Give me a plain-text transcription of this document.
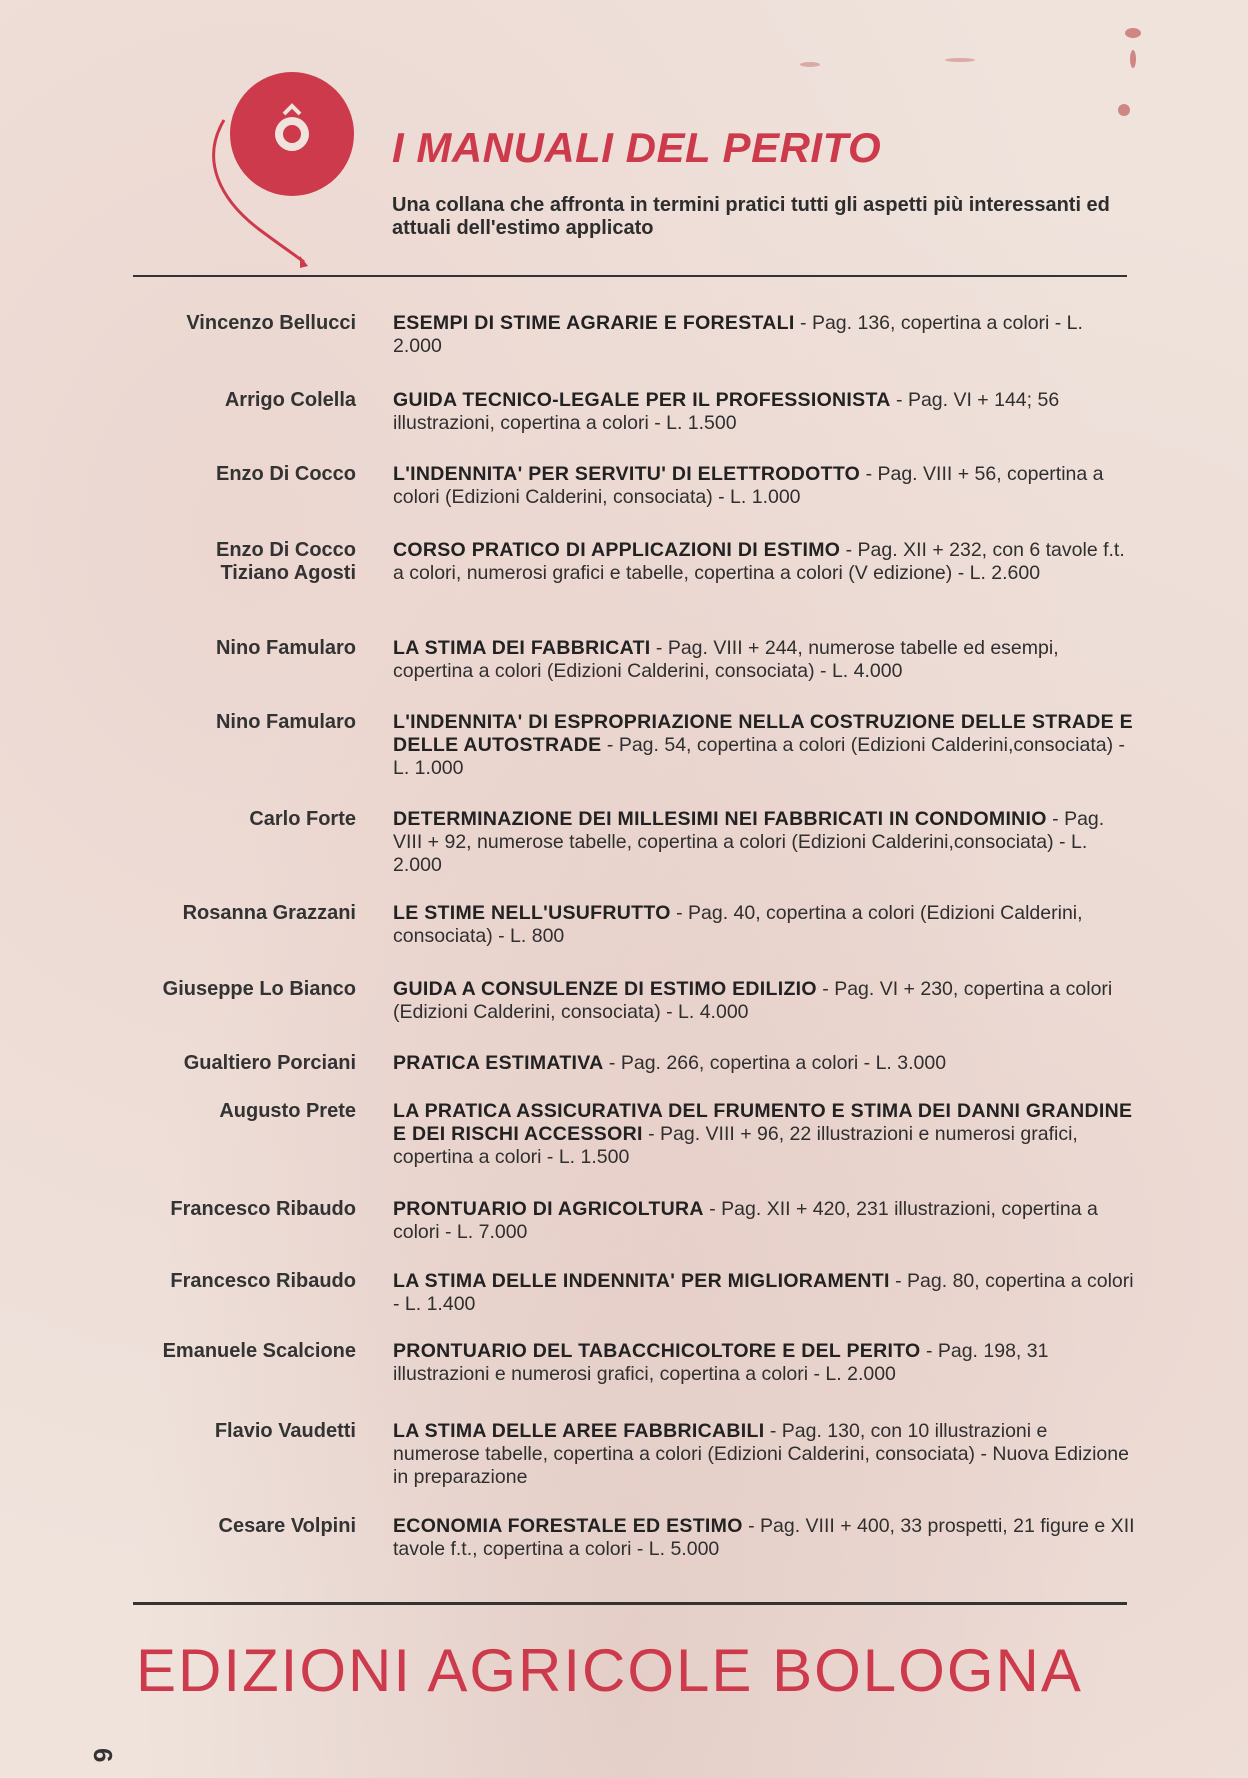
I MANUALI DEL PERITO

Una collana che affronta in termini pratici tutti gli aspetti più interessanti ed attuali dell'estimo applicato

Vincenzo Bellucci ESEMPI DI STIME AGRARIE E FORESTALI - Pag. 136, copertina a colori - L. 2.000
Arrigo Colella GUIDA TECNICO-LEGALE PER IL PROFESSIONISTA - Pag. VI + 144; 56 illustrazioni, copertina a colori - L. 1.500
Enzo Di Cocco L'INDENNITA' PER SERVITU' DI ELETTRODOTTO - Pag. VIII + 56, copertina a colori (Edizioni Calderini, consociata) - L. 1.000
Enzo Di Cocco
Tiziano Agosti
CORSO PRATICO DI APPLICAZIONI DI ESTIMO - Pag. XII + 232, con 6 tavole f.t. a colori, numerosi grafici e tabelle, copertina a colori (V edizione) - L. 2.600
Nino Famularo LA STIMA DEI FABBRICATI - Pag. VIII + 244, numerose tabelle ed esempi, copertina a colori (Edizioni Calderini, consociata) - L. 4.000
Nino Famularo L'INDENNITA' DI ESPROPRIAZIONE NELLA COSTRUZIONE DELLE STRADE E DELLE AUTOSTRADE - Pag. 54, copertina a colori (Edizioni Calderini,consociata) - L. 1.000
Carlo Forte DETERMINAZIONE DEI MILLESIMI NEI FABBRICATI IN CONDOMINIO - Pag. VIII + 92, numerose tabelle, copertina a colori (Edizioni Calderini,consociata) - L. 2.000
Rosanna Grazzani LE STIME NELL'USUFRUTTO - Pag. 40, copertina a colori (Edizioni Calderini, consociata) - L. 800
Giuseppe Lo Bianco GUIDA A CONSULENZE DI ESTIMO EDILIZIO - Pag. VI + 230, copertina a colori (Edizioni Calderini, consociata) - L. 4.000
Gualtiero Porciani PRATICA ESTIMATIVA - Pag. 266, copertina a colori - L. 3.000
Augusto Prete LA PRATICA ASSICURATIVA DEL FRUMENTO E STIMA DEI DANNI GRANDINE E DEI RISCHI ACCESSORI - Pag. VIII + 96, 22 illustrazioni e numerosi grafici, copertina a colori - L. 1.500
Francesco Ribaudo PRONTUARIO DI AGRICOLTURA - Pag. XII + 420, 231 illustrazioni, copertina a colori - L. 7.000
Francesco Ribaudo LA STIMA DELLE INDENNITA' PER MIGLIORAMENTI - Pag. 80, copertina a colori - L. 1.400
Emanuele Scalcione PRONTUARIO DEL TABACCHICOLTORE E DEL PERITO - Pag. 198, 31 illustrazioni e numerosi grafici, copertina a colori - L. 2.000
Flavio Vaudetti LA STIMA DELLE AREE FABBRICABILI - Pag. 130, con 10 illustrazioni e numerose tabelle, copertina a colori (Edizioni Calderini, consociata) - Nuova Edizione in preparazione
Cesare Volpini ECONOMIA FORESTALE ED ESTIMO - Pag. VIII + 400, 33 prospetti, 21 figure e XII tavole f.t., copertina a colori - L. 5.000
EDIZIONI AGRICOLE BOLOGNA
6
